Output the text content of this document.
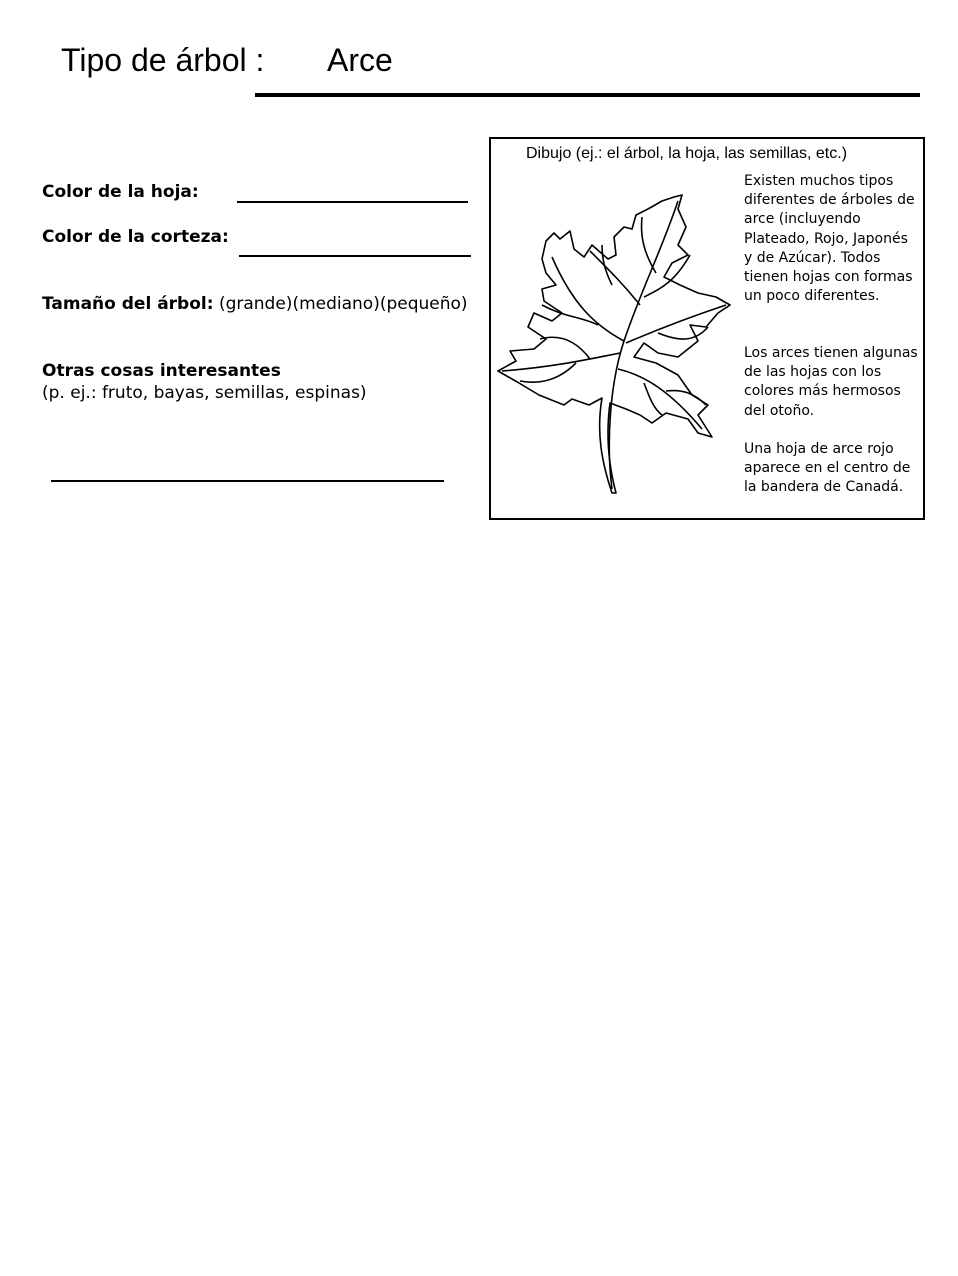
Tipo de árbol : Arce
Color de la hoja:
Color de la corteza:
Tamaño del árbol: (grande)(mediano)(pequeño)
Otras cosas interesantes
(p. ej.: fruto, bayas, semillas, espinas)
Dibujo (ej.: el árbol, la hoja, las semillas, etc.)
Existen muchos tipos diferentes de árboles de arce (incluyendo Plateado, Rojo, Japonés y de Azúcar). Todos tienen hojas con formas un poco diferentes.
Los arces tienen algunas de las hojas con los colores más hermosos del otoño.
Una hoja de arce rojo aparece en el centro de la bandera de Canadá.
